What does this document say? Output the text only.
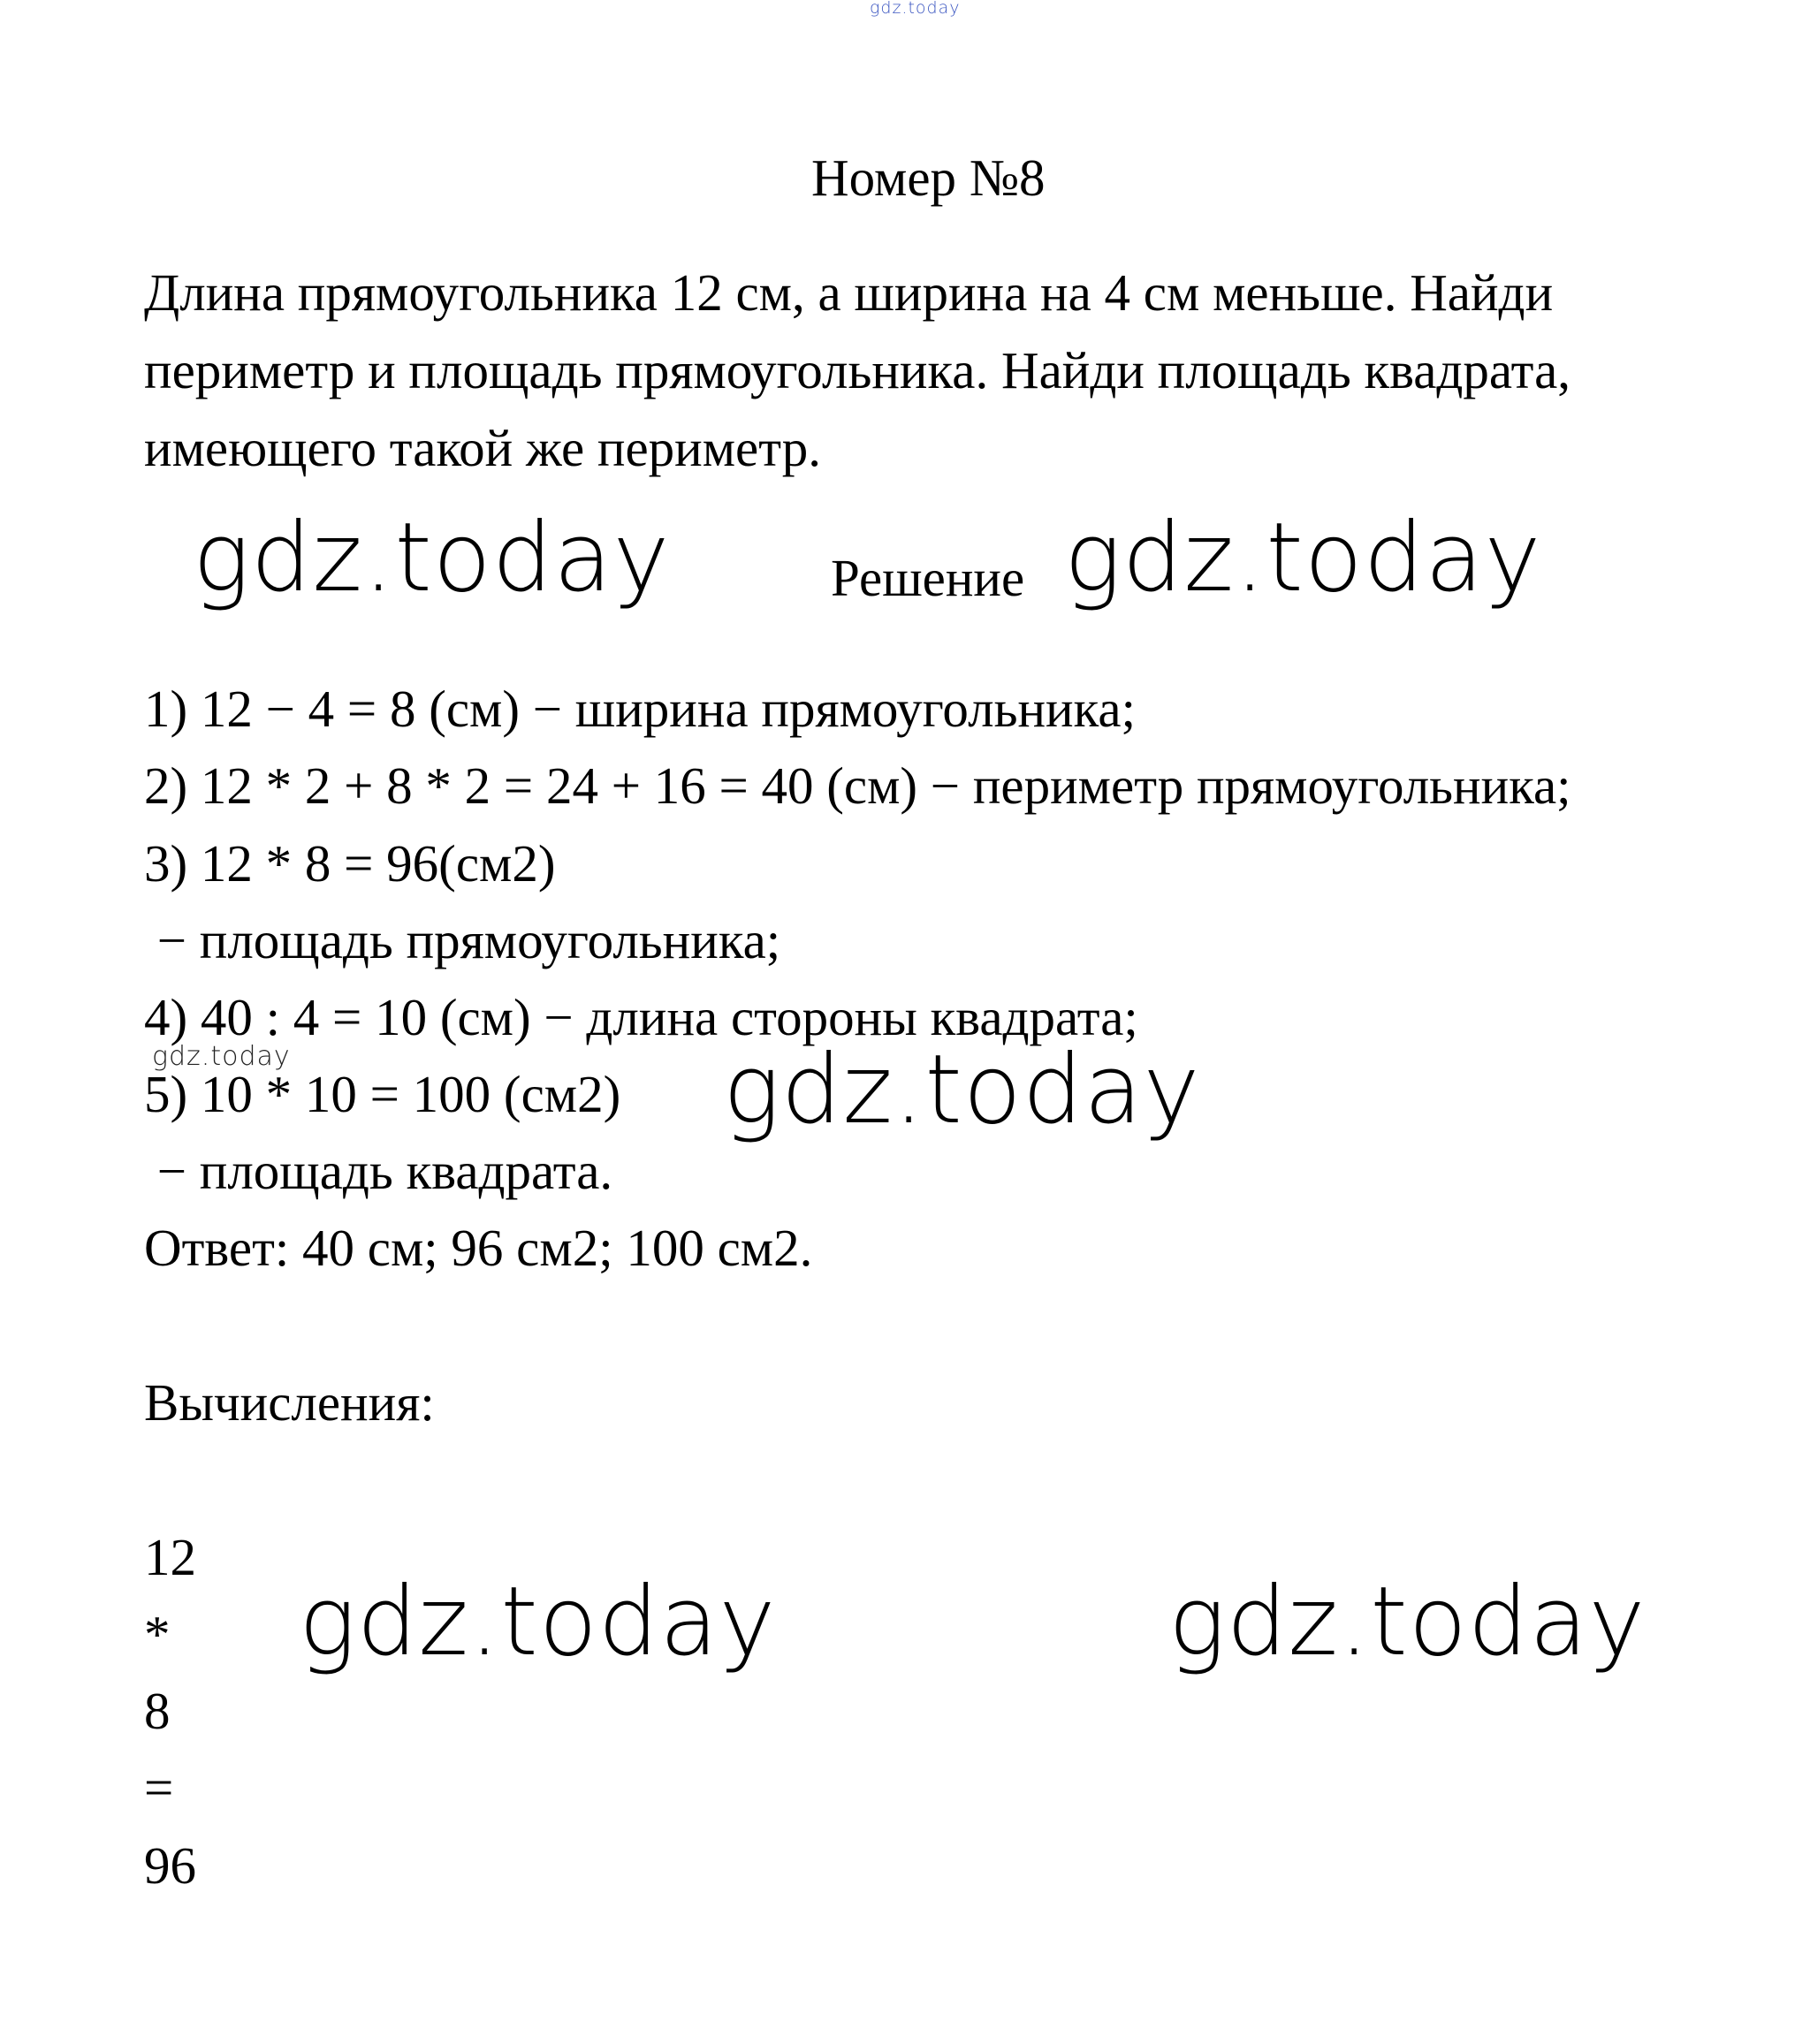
gdz.today
Номер №8
Длина прямоугольника 12 см, а ширина на 4 см меньше. Найди
периметр и площадь прямоугольника. Найди площадь квадрата,
имеющего такой же периметр.
gdz.today	Решение gdz.today
1) 12 − 4 = 8 (см) − ширина прямоугольника;
2) 12 * 2 + 8 * 2 = 24 + 16 = 40 (см) − периметр прямоугольника;
3) 12 * 8 = 96(см2)
− площадь прямоугольника;
4) 40 : 4 = 10 (см) − длина стороны квадрата;
gdz.today
5) 10 * 10 = 100 (см2) gdz.today
− площадь квадрата.
Ответ: 40 см; 96 см2; 100 см2.
Вычисления:
12
*
8
=
96
gdz.today	gdz.today
